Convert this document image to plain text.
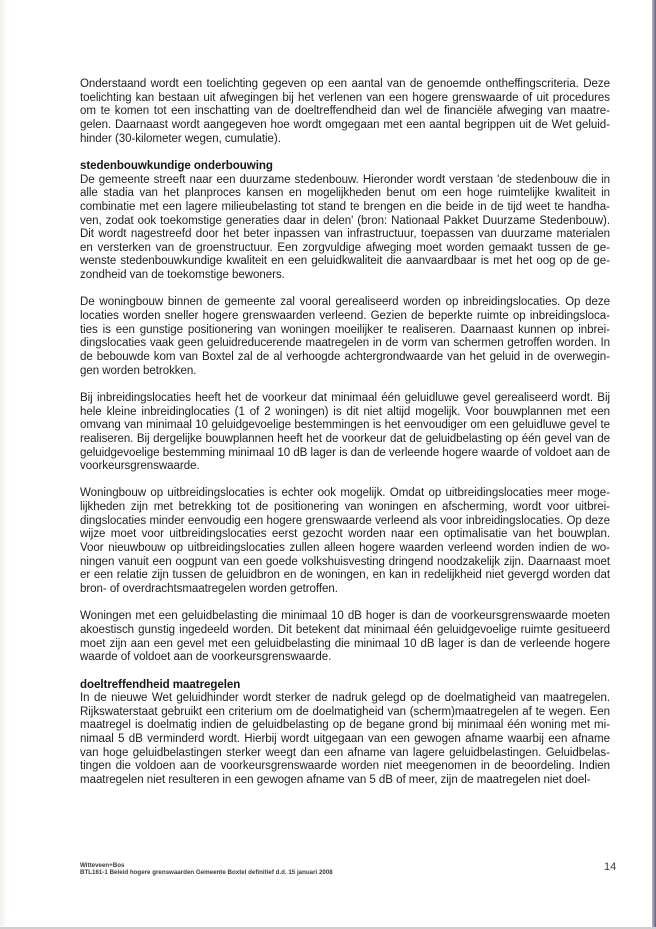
Onderstaand wordt een toelichting gegeven op een aantal van de genoemde ontheffingscriteria. Deze toelichting kan bestaan uit afwegingen bij het verlenen van een hogere grenswaarde of uit procedures om te komen tot een inschatting van de doeltreffendheid dan wel de financiële afweging van maatregelen. Daarnaast wordt aangegeven hoe wordt omgegaan met een aantal begrippen uit de Wet geluidhinder (30-kilometer wegen, cumulatie).

stedenbouwkundige onderbouwing

De gemeente streeft naar een duurzame stedenbouw. Hieronder wordt verstaan 'de stedenbouw die in alle stadia van het planproces kansen en mogelijkheden benut om een hoge ruimtelijke kwaliteit in combinatie met een lagere milieubelasting tot stand te brengen en die beide in de tijd weet te handhaven, zodat ook toekomstige generaties daar in delen' (bron: Nationaal Pakket Duurzame Stedenbouw). Dit wordt nagestreefd door het beter inpassen van infrastructuur, toepassen van duurzame materialen en versterken van de groenstructuur. Een zorgvuldige afweging moet worden gemaakt tussen de gewenste stedenbouwkundige kwaliteit en een geluidkwaliteit die aanvaardbaar is met het oog op de gezondheid van de toekomstige bewoners.

De woningbouw binnen de gemeente zal vooral gerealiseerd worden op inbreidingslocaties. Op deze locaties worden sneller hogere grenswaarden verleend. Gezien de beperkte ruimte op inbreidingslocaties is een gunstige positionering van woningen moeilijker te realiseren. Daarnaast kunnen op inbreidingslocaties vaak geen geluidreducerende maatregelen in de vorm van schermen getroffen worden. In de bebouwde kom van Boxtel zal de al verhoogde achtergrondwaarde van het geluid in de overwegingen worden betrokken.

Bij inbreidingslocaties heeft het de voorkeur dat minimaal één geluidluwe gevel gerealiseerd wordt. Bij hele kleine inbreidinglocaties (1 of 2 woningen) is dit niet altijd mogelijk. Voor bouwplannen met een omvang van minimaal 10 geluidgevoelige bestemmingen is het eenvoudiger om een geluidluwe gevel te realiseren. Bij dergelijke bouwplannen heeft het de voorkeur dat de geluidbelasting op één gevel van de geluidgevoelige bestemming minimaal 10 dB lager is dan de verleende hogere waarde of voldoet aan de voorkeursgrenswaarde.

Woningbouw op uitbreidingslocaties is echter ook mogelijk. Omdat op uitbreidingslocaties meer mogelijkheden zijn met betrekking tot de positionering van woningen en afscherming, wordt voor uitbreidingslocaties minder eenvoudig een hogere grenswaarde verleend als voor inbreidingslocaties. Op deze wijze moet voor uitbreidingslocaties eerst gezocht worden naar een optimalisatie van het bouwplan. Voor nieuwbouw op uitbreidingslocaties zullen alleen hogere waarden verleend worden indien de woningen vanuit een oogpunt van een goede volkshuisvesting dringend noodzakelijk zijn. Daarnaast moet er een relatie zijn tussen de geluidbron en de woningen, en kan in redelijkheid niet gevergd worden dat bron- of overdrachtsmaatregelen worden getroffen.

Woningen met een geluidbelasting die minimaal 10 dB hoger is dan de voorkeursgrenswaarde moeten akoestisch gunstig ingedeeld worden. Dit betekent dat minimaal één geluidgevoelige ruimte gesitueerd moet zijn aan een gevel met een geluidbelasting die minimaal 10 dB lager is dan de verleende hogere waarde of voldoet aan de voorkeursgrenswaarde.

doeltreffendheid maatregelen

In de nieuwe Wet geluidhinder wordt sterker de nadruk gelegd op de doelmatigheid van maatregelen. Rijkswaterstaat gebruikt een criterium om de doelmatigheid van (scherm)maatregelen af te wegen. Een maatregel is doelmatig indien de geluidbelasting op de begane grond bij minimaal één woning met minimaal 5 dB verminderd wordt. Hierbij wordt uitgegaan van een gewogen afname waarbij een afname van hoge geluidbelastingen sterker weegt dan een afname van lagere geluidbelastingen. Geluidbelastingen die voldoen aan de voorkeursgrenswaarde worden niet meegenomen in de beoordeling. Indien maatregelen niet resulteren in een gewogen afname van 5 dB of meer, zijn de maatregelen niet doel-

Witteveen+Bos
BTL161-1 Beleid hogere grenswaarden Gemeente Boxtel definitief d.d. 15 januari 2008	14
